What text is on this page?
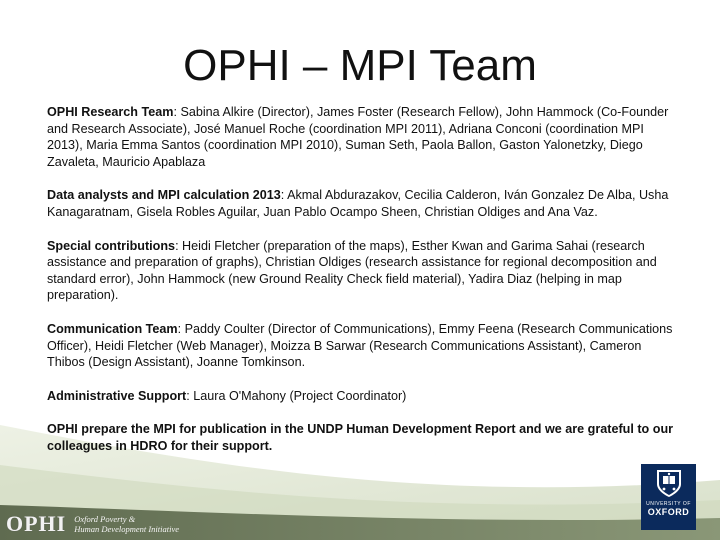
OPHI – MPI Team

OPHI Research Team: Sabina Alkire (Director), James Foster (Research Fellow), John Hammock (Co-Founder and Research Associate), José Manuel Roche (coordination MPI 2011), Adriana Conconi (coordination MPI 2013), Maria Emma Santos (coordination MPI 2010), Suman Seth, Paola Ballon, Gaston Yalonetzky, Diego Zavaleta, Mauricio Apablaza

Data analysts and MPI calculation 2013: Akmal Abdurazakov, Cecilia Calderon, Iván Gonzalez De Alba, Usha
Kanagaratnam, Gisela Robles Aguilar, Juan Pablo Ocampo Sheen, Christian Oldiges and Ana Vaz.

Special contributions: Heidi Fletcher (preparation of the maps), Esther Kwan and Garima Sahai (research assistance and preparation of graphs), Christian Oldiges (research assistance for regional decomposition and standard error), John Hammock (new Ground Reality Check field material), Yadira Diaz (helping in map preparation).

Communication Team: Paddy Coulter (Director of Communications), Emmy Feena (Research Communications Officer), Heidi Fletcher (Web Manager), Moizza B Sarwar (Research Communications Assistant), Cameron Thibos (Design Assistant), Joanne Tomkinson.

Administrative Support: Laura O'Mahony (Project Coordinator)

OPHI prepare the MPI for publication in the UNDP Human Development Report and we are grateful to our colleagues in HDRO for their support.

OPHI Oxford Poverty &
Human Development Initiative
UNIVERSITY OF
OXFORD
